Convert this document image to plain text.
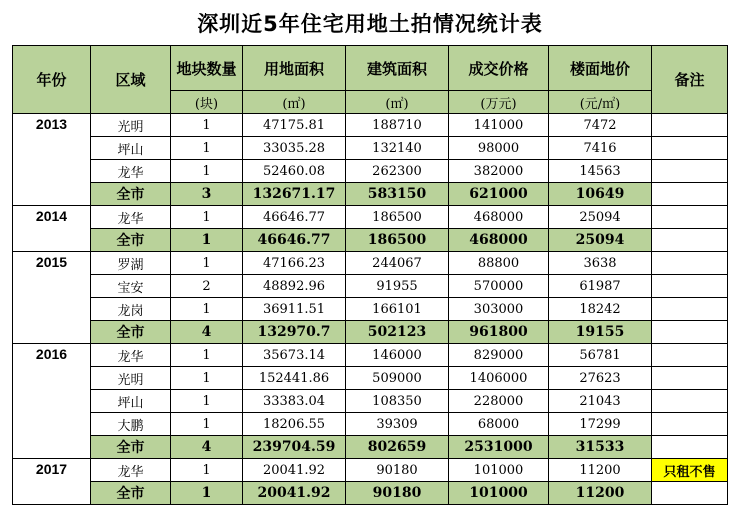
深圳近5年住宅用地土拍情况统计表
年份	区域	地块数量	用地面积	建筑面积	成交价格	楼面地价	备注
		(块)	(㎡)	(㎡)	(万元)	(元/㎡)	
2013	光明	1	47175.81	188710	141000	7472	
	坪山	1	33035.28	132140	98000	7416	
	龙华	1	52460.08	262300	382000	14563	
	全市	3	132671.17	583150	621000	10649	
2014	龙华	1	46646.77	186500	468000	25094	
	全市	1	46646.77	186500	468000	25094	
2015	罗湖	1	47166.23	244067	88800	3638	
	宝安	2	48892.96	91955	570000	61987	
	龙岗	1	36911.51	166101	303000	18242	
	全市	4	132970.7	502123	961800	19155	
2016	龙华	1	35673.14	146000	829000	56781	
	光明	1	152441.86	509000	1406000	27623	
	坪山	1	33383.04	108350	228000	21043	
	大鹏	1	18206.55	39309	68000	17299	
	全市	4	239704.59	802659	2531000	31533	
2017	龙华	1	20041.92	90180	101000	11200	只租不售
	全市	1	20041.92	90180	101000	11200	
